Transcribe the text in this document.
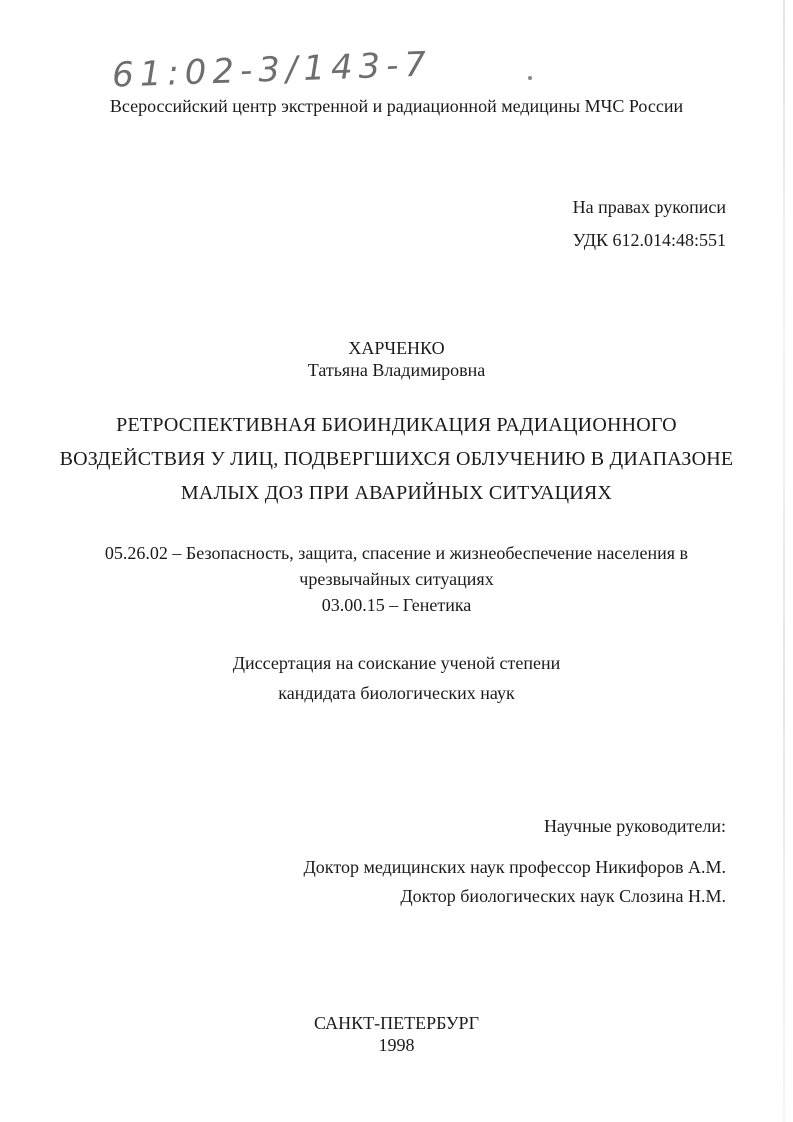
61:02-3/143-7
Всероссийский центр экстренной и радиационной медицины МЧС России
На правах рукописи
УДК 612.014:48:551
ХАРЧЕНКО
Татьяна Владимировна
РЕТРОСПЕКТИВНАЯ БИОИНДИКАЦИЯ РАДИАЦИОННОГО
ВОЗДЕЙСТВИЯ У ЛИЦ, ПОДВЕРГШИХСЯ ОБЛУЧЕНИЮ В ДИАПАЗОНЕ
МАЛЫХ ДОЗ ПРИ АВАРИЙНЫХ СИТУАЦИЯХ
05.26.02 – Безопасность, защита, спасение и жизнеобеспечение населения в
чрезвычайных ситуациях
03.00.15 – Генетика
Диссертация на соискание ученой степени
кандидата биологических наук
Научные руководители:
Доктор медицинских наук профессор Никифоров А.М.
Доктор биологических наук Слозина Н.М.
САНКТ-ПЕТЕРБУРГ
1998
